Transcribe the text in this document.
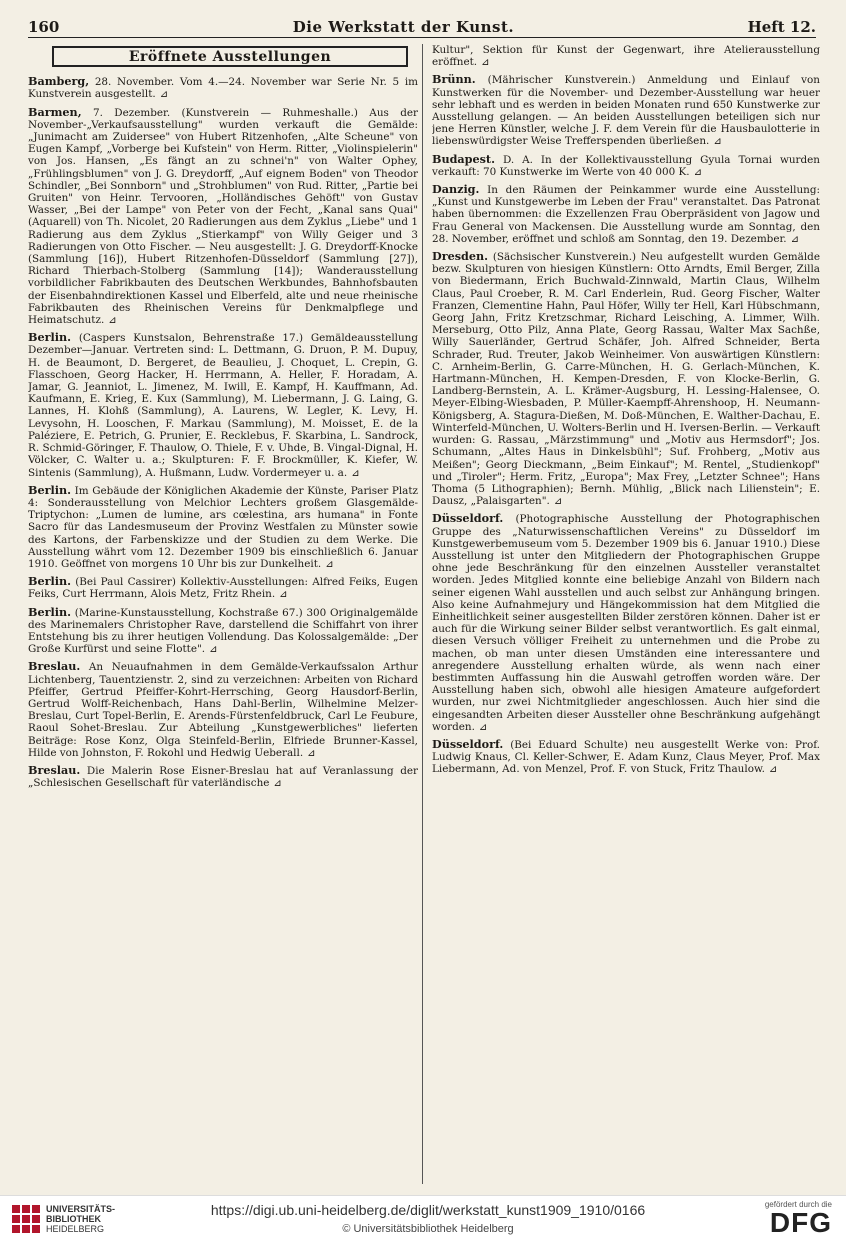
160	Die Werkstatt der Kunst.	Heft 12.
Eröffnete Ausstellungen

Bamberg, 28. November. Vom 4.—24. November war Serie Nr. 5 im Kunstverein ausgestellt. ⊿

Barmen, 7. Dezember. (Kunstverein — Ruhmeshalle.) Aus der November-„Verkaufsausstellung" wurden verkauft die Gemälde: „Junimacht am Zuidersee" von Hubert Ritzenhofen, „Alte Scheune" von Eugen Kampf, „Vorberge bei Kufstein" von Herm. Ritter, „Violinspielerin" von Jos. Hansen, „Es fängt an zu schnei'n" von Walter Ophey, „Frühlingsblumen" von J. G. Dreydorff, „Auf eignem Boden" von Theodor Schindler, „Bei Sonnborn" und „Strohblumen" von Rud. Ritter, „Partie bei Gruiten" von Heinr. Tervooren, „Holländisches Gehöft" von Gustav Wasser, „Bei der Lampe" von Peter von der Fecht, „Kanal sans Quai" (Aquarell) von Th. Nicolet, 20 Radierungen aus dem Zyklus „Liebe" und 1 Radierung aus dem Zyklus „Stierkampf" von Willy Geiger und 3 Radierungen von Otto Fischer. — Neu ausgestellt: J. G. Dreydorff-Knocke (Sammlung [16]), Hubert Ritzenhofen-Düsseldorf (Sammlung [27]), Richard Thierbach-Stolberg (Sammlung [14]); Wanderausstellung vorbildlicher Fabrikbauten des Deutschen Werkbundes, Bahnhofsbauten der Eisenbahndirektionen Kassel und Elberfeld, alte und neue rheinische Fabrikbauten des Rheinischen Vereins für Denkmalpflege und Heimatschutz. ⊿

Berlin. (Caspers Kunstsalon, Behrenstraße 17.) Gemäldeausstellung Dezember—Januar. Vertreten sind: L. Dettmann, G. Druon, P. M. Dupuy, H. de Beaumont, D. Bergeret, de Beaulieu, J. Choquet, L. Crepin, G. Flasschoen, Georg Hacker, H. Herrmann, A. Heller, F. Horadam, A. Jamar, G. Jeanniot, L. Jimenez, M. Iwill, E. Kampf, H. Kauffmann, Ad. Kaufmann, E. Krieg, E. Kux (Sammlung), M. Liebermann, J. G. Laing, G. Lannes, H. Klohß (Sammlung), A. Laurens, W. Legler, K. Levy, H. Levysohn, H. Looschen, F. Markau (Sammlung), M. Moisset, E. de la Paléziere, E. Petrich, G. Prunier, E. Recklebus, F. Skarbina, L. Sandrock, R. Schmid-Göringer, F. Thaulow, O. Thiele, F. v. Uhde, B. Vingal-Dignal, H. Völcker, C. Walter u. a.; Skulpturen: F. F. Brockmüller, K. Kiefer, W. Sintenis (Sammlung), A. Hußmann, Ludw. Vordermeyer u. a. ⊿

Berlin. Im Gebäude der Königlichen Akademie der Künste, Pariser Platz 4: Sonderausstellung von Melchior Lechters großem Glasgemälde-Triptychon: „Lumen de lumine, ars cœlestina, ars humana" in Fonte Sacro für das Landesmuseum der Provinz Westfalen zu Münster sowie des Kartons, der Farbenskizze und der Studien zu dem Werke. Die Ausstellung währt vom 12. Dezember 1909 bis einschließlich 6. Januar 1910. Geöffnet von morgens 10 Uhr bis zur Dunkelheit. ⊿

Berlin. (Bei Paul Cassirer) Kollektiv-Ausstellungen: Alfred Feiks, Eugen Feiks, Curt Herrmann, Alois Metz, Fritz Rhein. ⊿

Berlin. (Marine-Kunstausstellung, Kochstraße 67.) 300 Originalgemälde des Marinemalers Christopher Rave, darstellend die Schiffahrt von ihrer Entstehung bis zu ihrer heutigen Vollendung. Das Kolossalgemälde: „Der Große Kurfürst und seine Flotte". ⊿

Breslau. An Neuaufnahmen in dem Gemälde-Verkaufssalon Arthur Lichtenberg, Tauentzienstr. 2, sind zu verzeichnen: Arbeiten von Richard Pfeiffer, Gertrud Pfeiffer-Kohrt-Herrsching, Georg Hausdorf-Berlin, Gertrud Wolff-Reichenbach, Hans Dahl-Berlin, Wilhelmine Melzer-Breslau, Curt Topel-Berlin, E. Arends-Fürstenfeldbruck, Carl Le Feubure, Raoul Sohet-Breslau. Zur Abteilung „Kunstgewerbliches" lieferten Beiträge: Rose Konz, Olga Steinfeld-Berlin, Elfriede Brunner-Kassel, Hilde von Johnston, F. Rokohl und Hedwig Ueberall. ⊿

Breslau. Die Malerin Rose Eisner-Breslau hat auf Veranlassung der „Schlesischen Gesellschaft für vaterländische ⊿

Kultur", Sektion für Kunst der Gegenwart, ihre Atelierausstellung eröffnet. ⊿

Brünn. (Mährischer Kunstverein.) Anmeldung und Einlauf von Kunstwerken für die November- und Dezember-Ausstellung war heuer sehr lebhaft und es werden in beiden Monaten rund 650 Kunstwerke zur Ausstellung gelangen. — An beiden Ausstellungen beteiligen sich nur jene Herren Künstler, welche J. F. dem Verein für die Hausbaulotterie in liebenswürdigster Weise Trefferspenden überließen. ⊿

Budapest. D. A. In der Kollektivausstellung Gyula Tornai wurden verkauft: 70 Kunstwerke im Werte von 40 000 K. ⊿

Danzig. In den Räumen der Peinkammer wurde eine Ausstellung: „Kunst und Kunstgewerbe im Leben der Frau" veranstaltet. Das Patronat haben übernommen: die Exzellenzen Frau Oberpräsident von Jagow und Frau General von Mackensen. Die Ausstellung wurde am Sonntag, den 28. November, eröffnet und schloß am Sonntag, den 19. Dezember. ⊿

Dresden. (Sächsischer Kunstverein.) Neu aufgestellt wurden Gemälde bezw. Skulpturen von hiesigen Künstlern: Otto Arndts, Emil Berger, Zilla von Biedermann, Erich Buchwald-Zinnwald, Martin Claus, Wilhelm Claus, Paul Croeber, R. M. Carl Enderlein, Rud. Georg Fischer, Walter Franzen, Clementine Hahn, Paul Höfer, Willy ter Hell, Karl Hübschmann, Georg Jahn, Fritz Kretzschmar, Richard Leisching, A. Limmer, Wilh. Merseburg, Otto Pilz, Anna Plate, Georg Rassau, Walter Max Sachße, Willy Sauerländer, Gertrud Schäfer, Joh. Alfred Schneider, Berta Schrader, Rud. Treuter, Jakob Weinheimer. Von auswärtigen Künstlern: C. Arnheim-Berlin, G. Carre-München, H. G. Gerlach-München, K. Hartmann-München, H. Kempen-Dresden, F. von Klocke-Berlin, G. Landberg-Bernstein, A. L. Krämer-Augsburg, H. Lessing-Halensee, O. Meyer-Elbing-Wiesbaden, P. Müller-Kaempff-Ahrenshoop, H. Neumann-Königsberg, A. Stagura-Dießen, M. Doß-München, E. Walther-Dachau, E. Winterfeld-München, U. Wolters-Berlin und H. Iversen-Berlin. — Verkauft wurden: G. Rassau, „Märzstimmung" und „Motiv aus Hermsdorf"; Jos. Schumann, „Altes Haus in Dinkelsbühl"; Suf. Frohberg, „Motiv aus Meißen"; Georg Dieckmann, „Beim Einkauf"; M. Rentel, „Studienkopf" und „Tiroler"; Herm. Fritz, „Europa"; Max Frey, „Letzter Schnee"; Hans Thoma (5 Lithographien); Bernh. Mühlig, „Blick nach Lilienstein"; E. Dausz, „Palaisgarten". ⊿

Düsseldorf. (Photographische Ausstellung der Photographischen Gruppe des „Naturwissenschaftlichen Vereins" zu Düsseldorf im Kunstgewerbemuseum vom 5. Dezember 1909 bis 6. Januar 1910.) Diese Ausstellung ist unter den Mitgliedern der Photographischen Gruppe ohne jede Beschränkung für den einzelnen Aussteller veranstaltet worden. Jedes Mitglied konnte eine beliebige Anzahl von Bildern nach seiner eigenen Wahl ausstellen und auch selbst zur Anhängung bringen. Also keine Aufnahmejury und Hängekommission hat dem Mitglied die Einheitlichkeit seiner ausgestellten Bilder zerstören können. Daher ist er auch für die Wirkung seiner Bilder selbst verantwortlich. Es galt einmal, diesen Versuch völliger Freiheit zu unternehmen und die Probe zu machen, ob man unter diesen Umständen eine interessantere und anregendere Ausstellung erhalten würde, als wenn nach einer bestimmten Auffassung hin die Auswahl getroffen worden wäre. Der Ausstellung haben sich, obwohl alle hiesigen Amateure aufgefordert wurden, nur zwei Nichtmitglieder angeschlossen. Auch hier sind die eingesandten Arbeiten dieser Aussteller ohne Beschränkung aufgehängt worden. ⊿

Düsseldorf. (Bei Eduard Schulte) neu ausgestellt Werke von: Prof. Ludwig Knaus, Cl. Keller-Schwer, E. Adam Kunz, Claus Meyer, Prof. Max Liebermann, Ad. von Menzel, Prof. F. von Stuck, Fritz Thaulow. ⊿

UNIVERSITÄTS-
BIBLIOTHEK
HEIDELBERG
https://digi.ub.uni-heidelberg.de/diglit/werkstatt_kunst1909_1910/0166
© Universitätsbibliothek Heidelberg
gefördert durch die
DFG
